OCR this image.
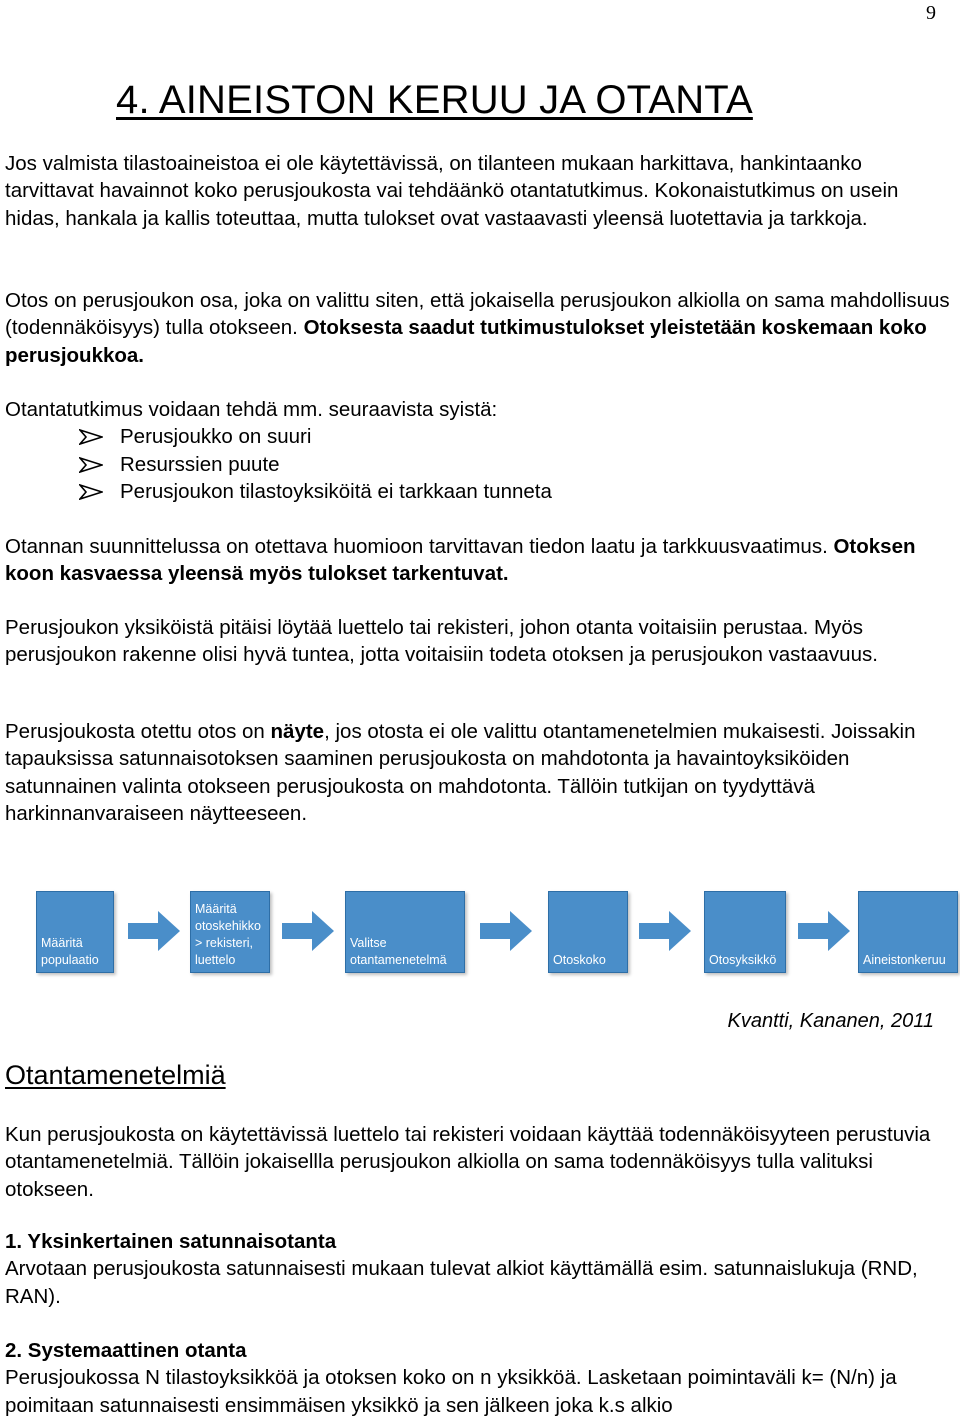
9
4. AINEISTON KERUU JA OTANTA

Jos valmista tilastoaineistoa ei ole käytettävissä, on tilanteen mukaan harkittava, hankintaanko tarvittavat havainnot koko perusjoukosta vai tehdäänkö otantatutkimus. Kokonaistutkimus on usein hidas, hankala ja kallis toteuttaa, mutta tulokset ovat vastaavasti yleensä luotettavia ja tarkkoja.

Otos on perusjoukon osa, joka on valittu siten, että jokaisella perusjoukon alkiolla on sama mahdollisuus (todennäköisyys) tulla otokseen. Otoksesta saadut tutkimustulokset yleistetään koskemaan koko perusjoukkoa.

Otantatutkimus voidaan tehdä mm. seuraavista syistä:
Perusjoukko on suuri
Resurssien puute
Perusjoukon tilastoyksiköitä ei tarkkaan tunneta

Otannan suunnittelussa on otettava huomioon tarvittavan tiedon laatu ja tarkkuusvaatimus. Otoksen koon kasvaessa yleensä myös tulokset tarkentuvat.

Perusjoukon yksiköistä pitäisi löytää luettelo tai rekisteri, johon otanta voitaisiin perustaa. Myös perusjoukon rakenne olisi hyvä tuntea, jotta voitaisiin todeta otoksen ja perusjoukon vastaavuus.

Perusjoukosta otettu otos on näyte, jos otosta ei ole valittu otantamenetelmien mukaisesti. Joissakin tapauksissa satunnaisotoksen saaminen perusjoukosta on mahdotonta ja havaintoyksiköiden satunnainen valinta otokseen perusjoukosta on mahdotonta. Tällöin tutkijan on tyydyttävä harkinnanvaraiseen näytteeseen.

Määritä
populaatio
Määritä
otoskehikko
> rekisteri,
luettelo
Valitse
otantamenetelmä	Otoskoko	Otosyksikkö	Aineistonkeruu
Kvantti, Kananen, 2011
Otantamenetelmiä

Kun perusjoukosta on käytettävissä luettelo tai rekisteri voidaan käyttää todennäköisyyteen perustuvia otantamenetelmiä. Tällöin jokaisellla perusjoukon alkiolla on sama todennäköisyys tulla valituksi otokseen.

1. Yksinkertainen satunnaisotanta
Arvotaan perusjoukosta satunnaisesti mukaan tulevat alkiot käyttämällä esim. satunnaislukuja (RND, RAN).
2. Systemaattinen otanta
Perusjoukossa N tilastoyksikköä ja otoksen koko on n yksikköä. Lasketaan poimintaväli k= (N/n) ja poimitaan satunnaisesti ensimmäisen yksikkö ja sen jälkeen joka k.s alkio
